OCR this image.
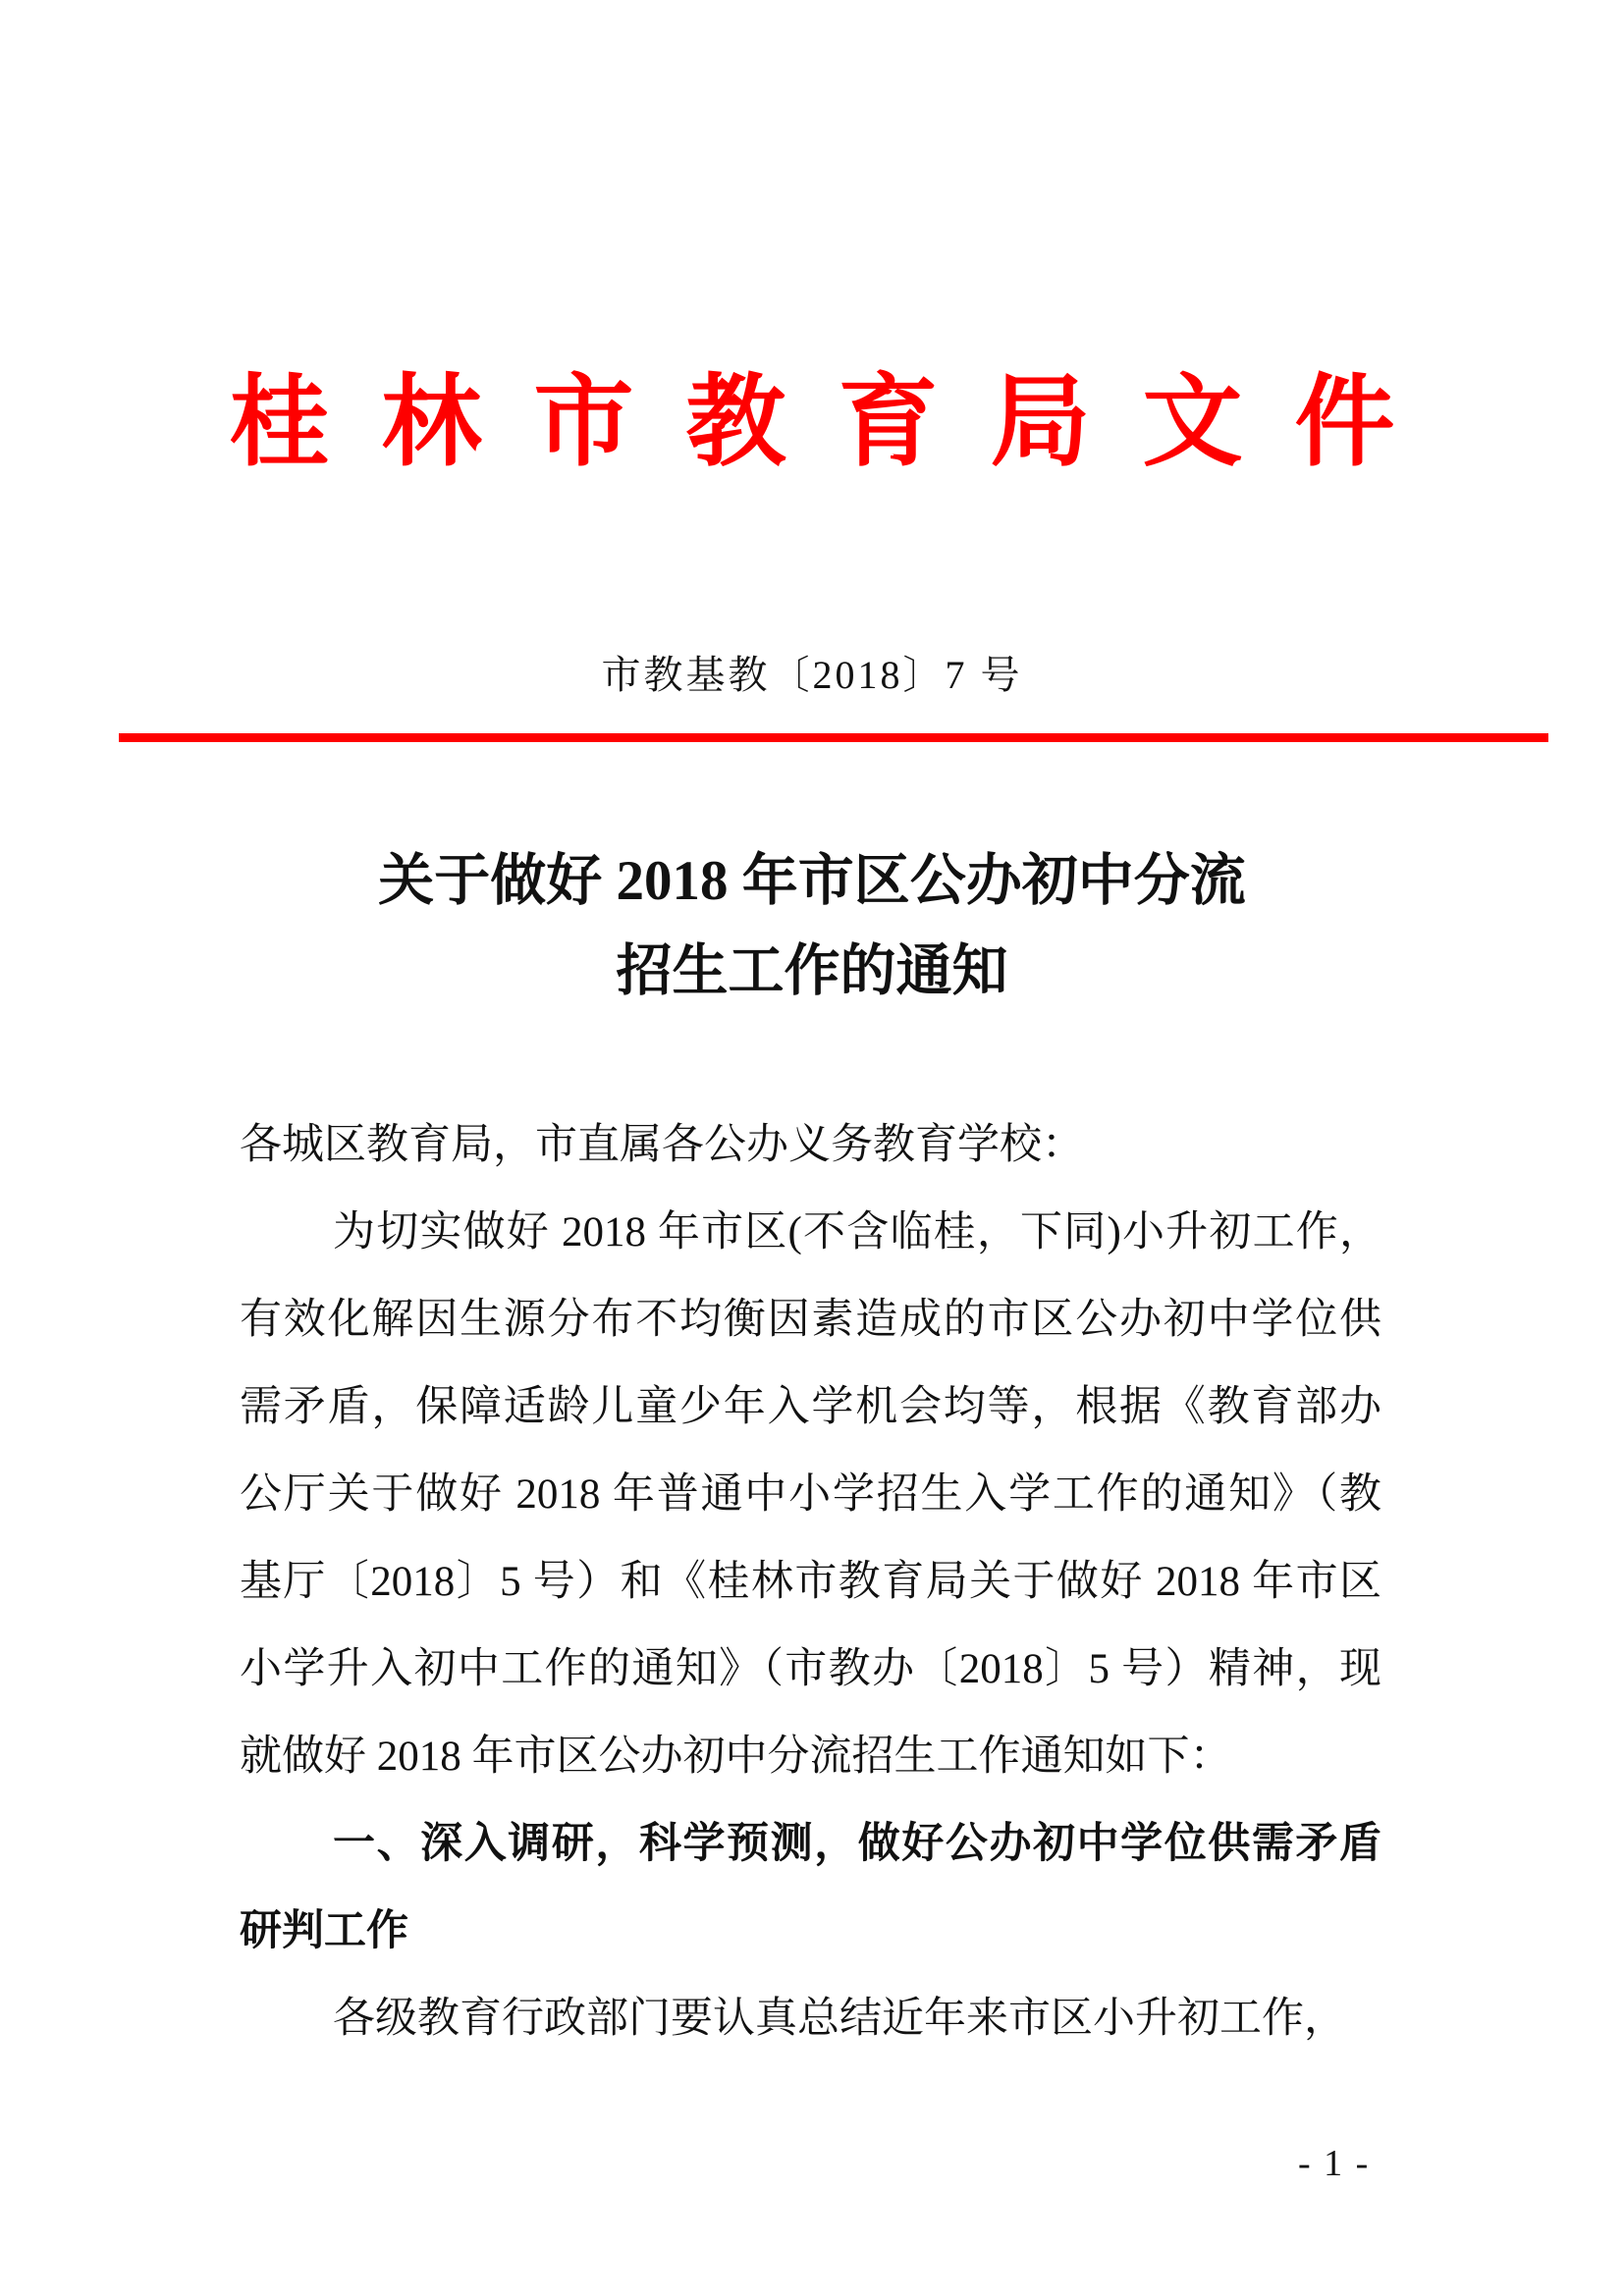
桂林市教育局文件
市教基教〔2018〕7 号
关于做好 2018 年市区公办初中分流
招生工作的通知
各城区教育局，市直属各公办义务教育学校：
为切实做好 2018 年市区(不含临桂，下同)小升初工作，
有效化解因生源分布不均衡因素造成的市区公办初中学位供
需矛盾，保障适龄儿童少年入学机会均等，根据《教育部办
公厅关于做好 2018 年普通中小学招生入学工作的通知》（教
基厅〔2018〕5 号）和《桂林市教育局关于做好 2018 年市区
小学升入初中工作的通知》（市教办〔2018〕5 号）精神，现
就做好 2018 年市区公办初中分流招生工作通知如下：
一、深入调研，科学预测，做好公办初中学位供需矛盾
研判工作
各级教育行政部门要认真总结近年来市区小升初工作，
- 1 -
